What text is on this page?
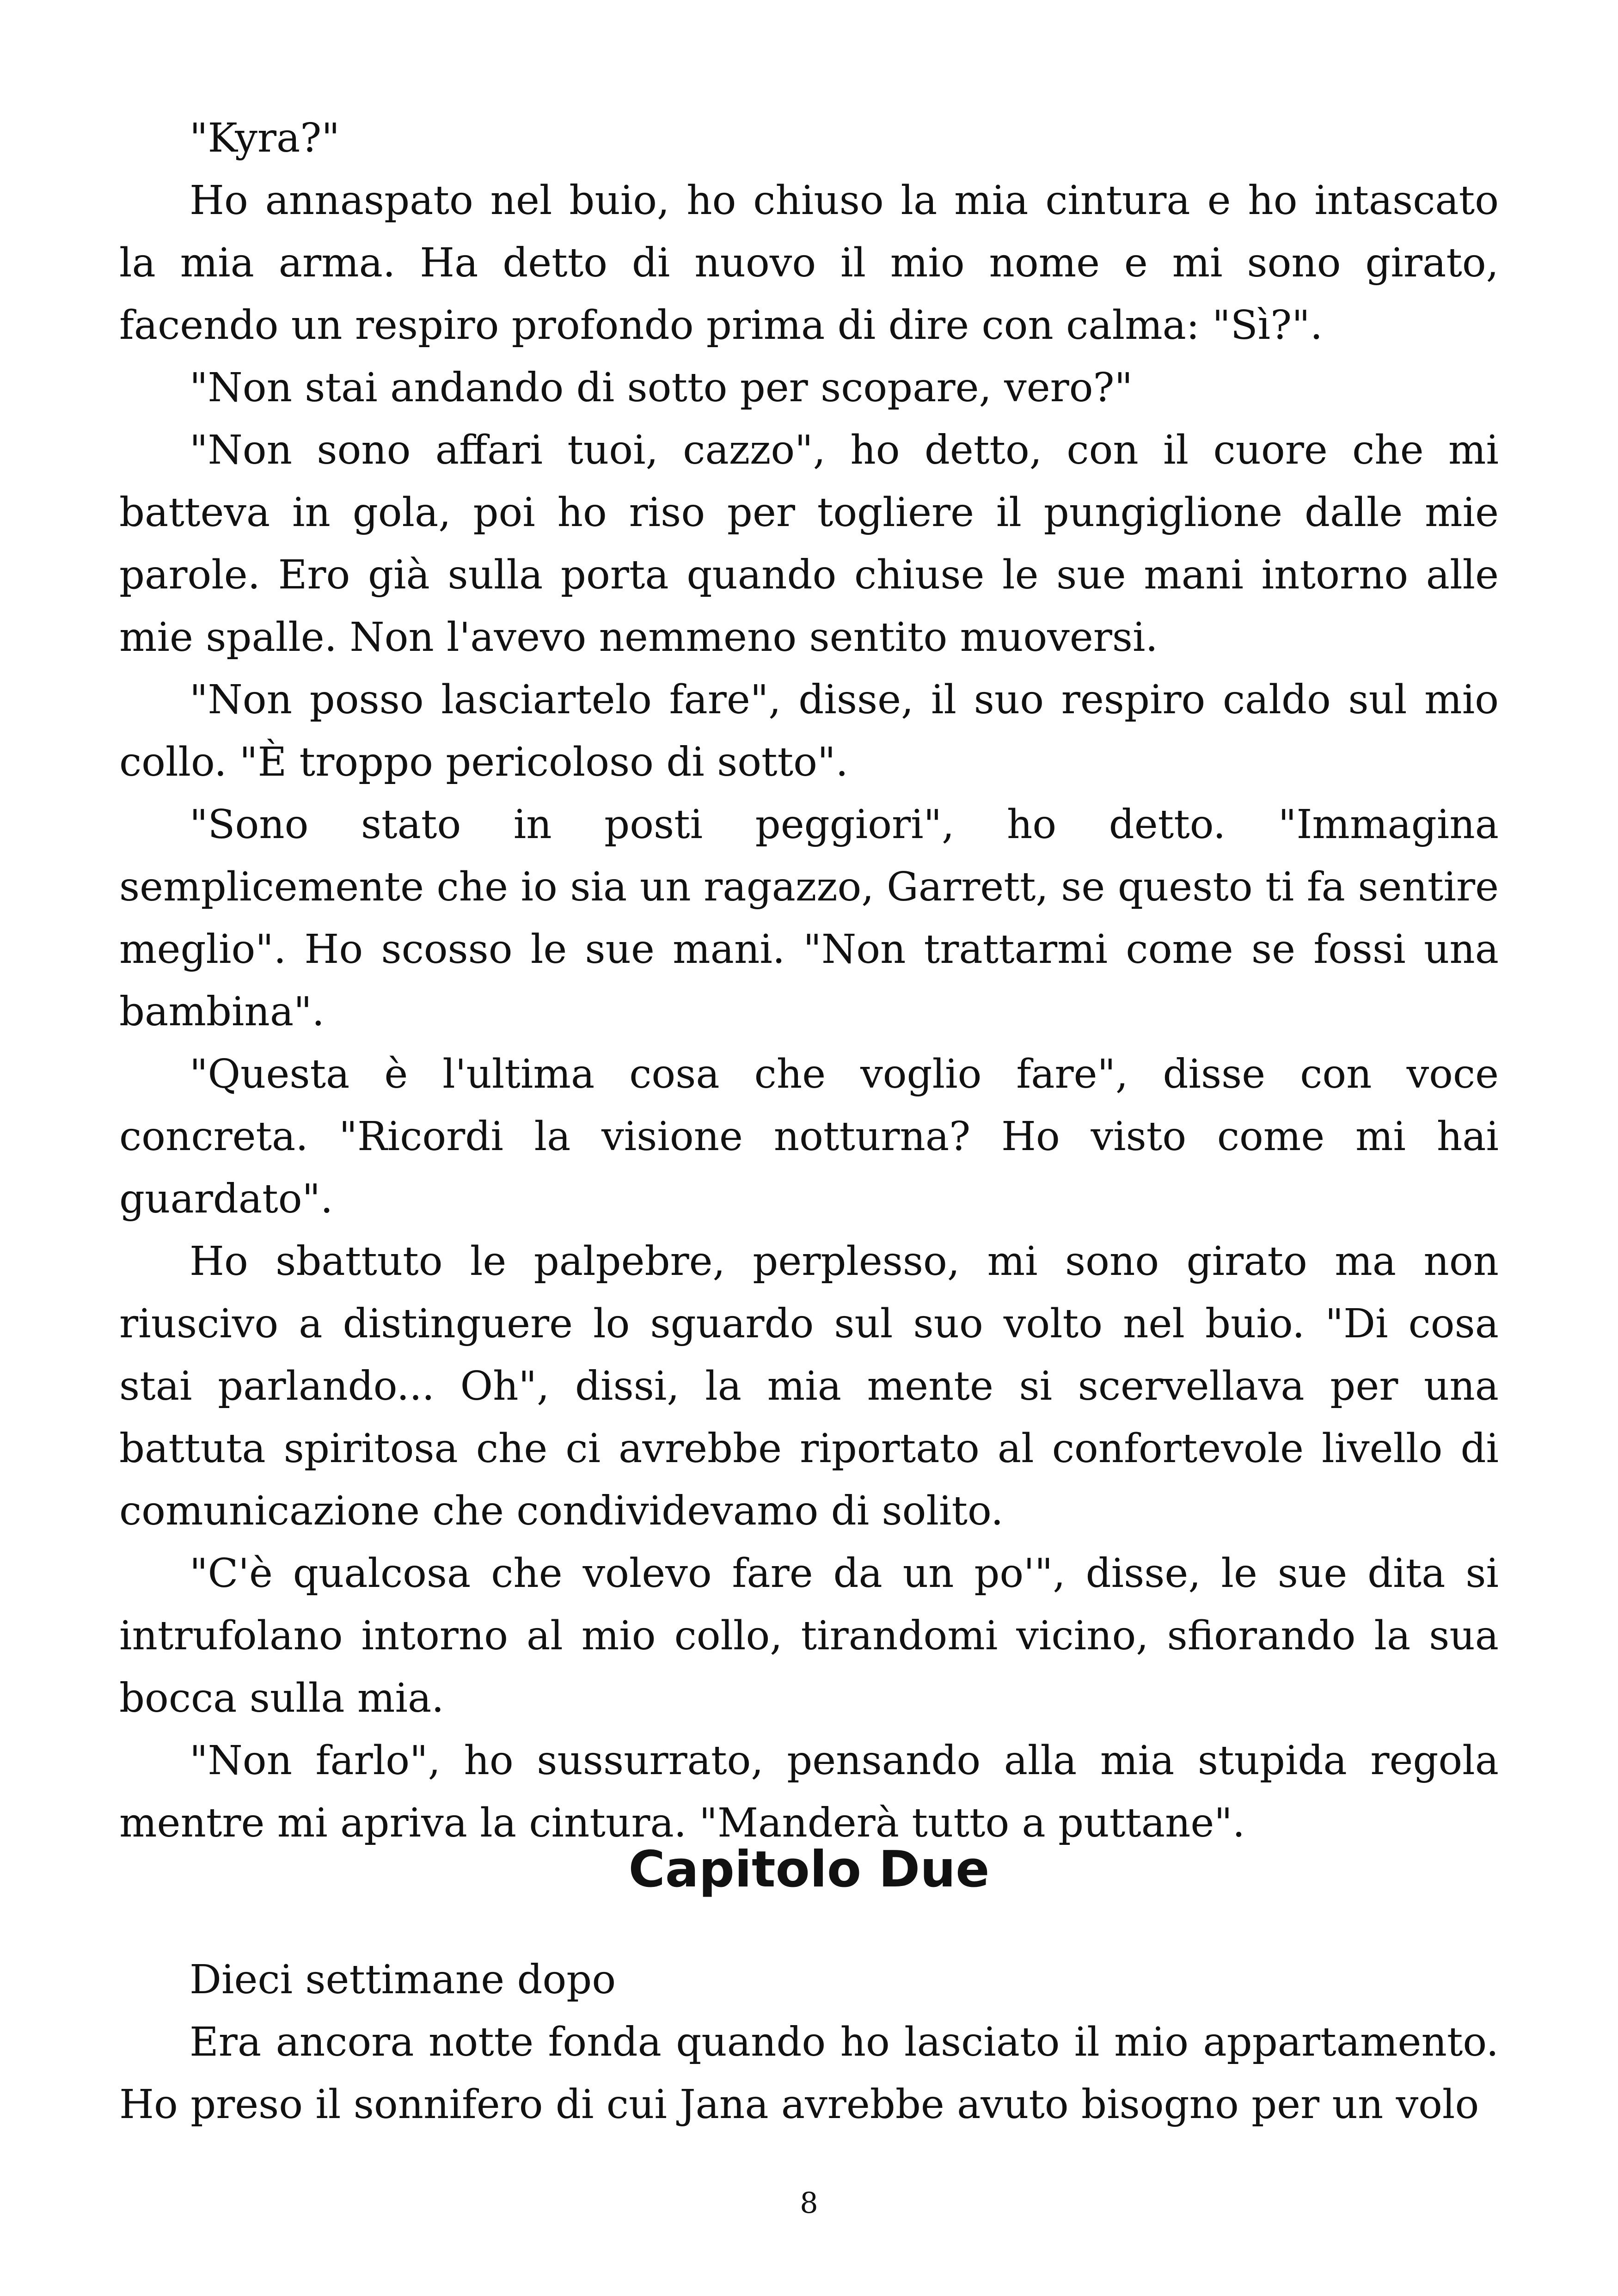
"Kyra?"

Ho annaspato nel buio, ho chiuso la mia cintura e ho intascato la mia arma. Ha detto di nuovo il mio nome e mi sono girato, facendo un respiro profondo prima di dire con calma: "Sì?".

"Non stai andando di sotto per scopare, vero?"

"Non sono affari tuoi, cazzo", ho detto, con il cuore che mi batteva in gola, poi ho riso per togliere il pungiglione dalle mie parole. Ero già sulla porta quando chiuse le sue mani intorno alle mie spalle. Non l'avevo nemmeno sentito muoversi.

"Non posso lasciartelo fare", disse, il suo respiro caldo sul mio collo. "È troppo pericoloso di sotto".

"Sono stato in posti peggiori", ho detto. "Immagina semplicemente che io sia un ragazzo, Garrett, se questo ti fa sentire meglio". Ho scosso le sue mani. "Non trattarmi come se fossi una bambina".

"Questa è l'ultima cosa che voglio fare", disse con voce concreta. "Ricordi la visione notturna? Ho visto come mi hai guardato".

Ho sbattuto le palpebre, perplesso, mi sono girato ma non riuscivo a distinguere lo sguardo sul suo volto nel buio. "Di cosa stai parlando... Oh", dissi, la mia mente si scervellava per una battuta spiritosa che ci avrebbe riportato al confortevole livello di comunicazione che condividevamo di solito.

"C'è qualcosa che volevo fare da un po'", disse, le sue dita si intrufolano intorno al mio collo, tirandomi vicino, sfiorando la sua bocca sulla mia.

"Non farlo", ho sussurrato, pensando alla mia stupida regola mentre mi apriva la cintura. "Manderà tutto a puttane".

Capitolo Due

Dieci settimane dopo

Era ancora notte fonda quando ho lasciato il mio appartamento. Ho preso il sonnifero di cui Jana avrebbe avuto bisogno per un volo

8
